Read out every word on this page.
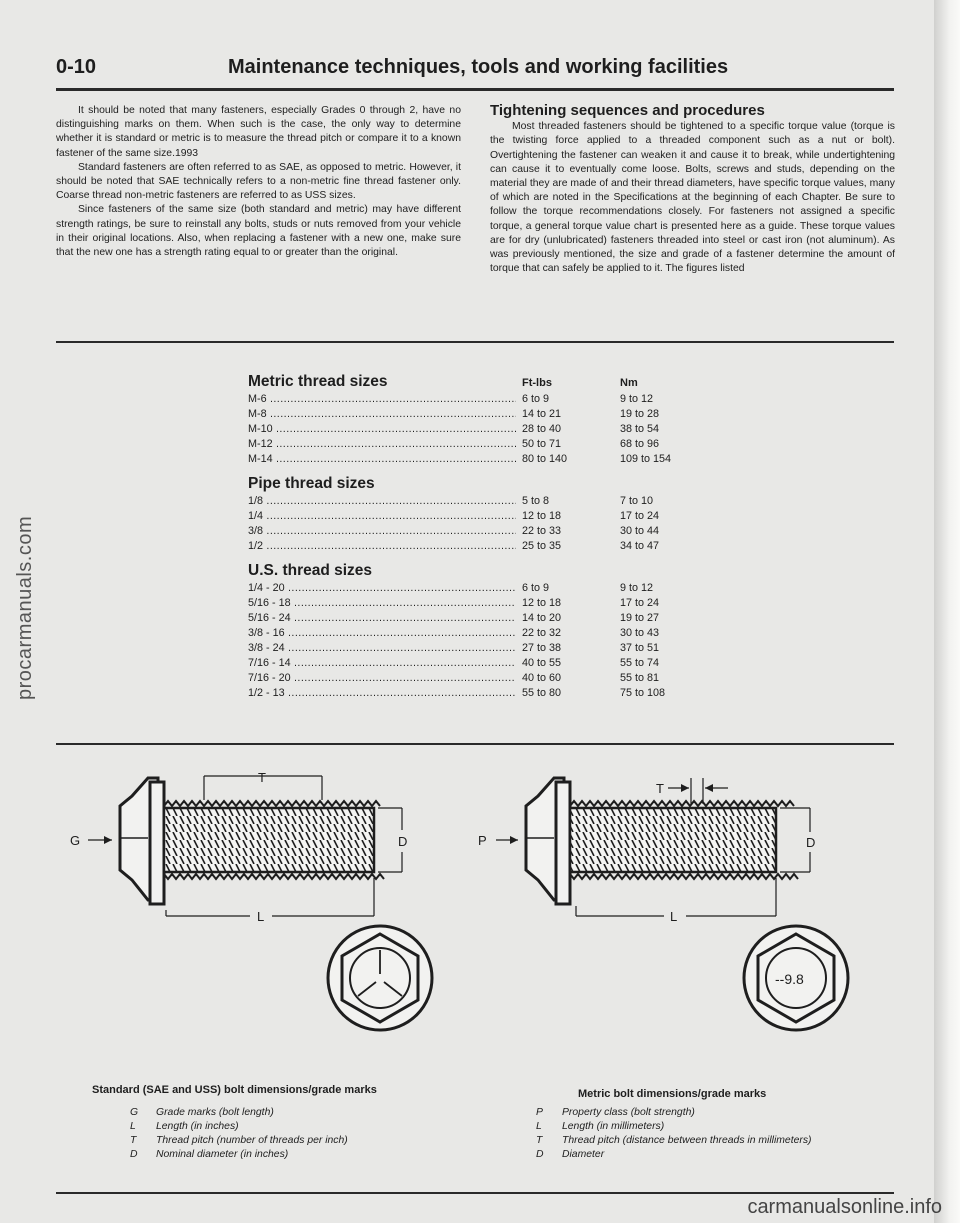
procarmanuals.com
0-10	Maintenance techniques, tools and working facilities

It should be noted that many fasteners, especially Grades 0 through 2, have no distinguishing marks on them. When such is the case, the only way to determine whether it is standard or metric is to measure the thread pitch or compare it to a known fastener of the same size.1993

Standard fasteners are often referred to as SAE, as opposed to metric. However, it should be noted that SAE technically refers to a non-metric fine thread fastener only. Coarse thread non-metric fasteners are referred to as USS sizes.

Since fasteners of the same size (both standard and metric) may have different strength ratings, be sure to reinstall any bolts, studs or nuts removed from your vehicle in their original locations. Also, when replacing a fastener with a new one, make sure that the new one has a strength rating equal to or greater than the original.

Tightening sequences and procedures

Most threaded fasteners should be tightened to a specific torque value (torque is the twisting force applied to a threaded component such as a nut or bolt). Overtightening the fastener can weaken it and cause it to break, while undertightening can cause it to eventually come loose. Bolts, screws and studs, depending on the material they are made of and their thread diameters, have specific torque values, many of which are noted in the Specifications at the beginning of each Chapter. Be sure to follow the torque recommendations closely. For fasteners not assigned a specific torque, a general torque value chart is presented here as a guide. These torque values are for dry (unlubricated) fasteners threaded into steel or cast iron (not aluminum). As was previously mentioned, the size and grade of a fastener determine the amount of torque that can safely be applied to it. The figures listed

Ft-lbs	Nm
Metric thread sizes
M-6 .....	6 to 9	9 to 12
M-8 .....	14 to 21	19 to 28
M-10 .....	28 to 40	38 to 54
M-12 .....	50 to 71	68 to 96
M-14 .....	80 to 140	109 to 154
Pipe thread sizes
1/8 .....	5 to 8	7 to 10
1/4 .....	12 to 18	17 to 24
3/8 .....	22 to 33	30 to 44
1/2 .....	25 to 35	34 to 47
U.S. thread sizes
1/4 - 20 .....	6 to 9	9 to 12
5/16 - 18 .....	12 to 18	17 to 24
5/16 - 24 .....	14 to 20	19 to 27
3/8 - 16 .....	22 to 32	30 to 43
3/8 - 24 .....	27 to 38	37 to 51
7/16 - 14 .....	40 to 55	55 to 74
7/16 - 20 .....	40 to 60	55 to 81
1/2 - 13 .....	55 to 80	75 to 108
T
D
L
G
T
D
L
P
--9.8
Standard (SAE and USS) bolt dimensions/grade marks
G	Grade marks (bolt length)
L	Length (in inches)
T	Thread pitch (number of threads per inch)
D	Nominal diameter (in inches)
Metric bolt dimensions/grade marks
P	Property class (bolt strength)
L	Length (in millimeters)
T	Thread pitch (distance between threads in millimeters)
D	Diameter
carmanualsonline.info
